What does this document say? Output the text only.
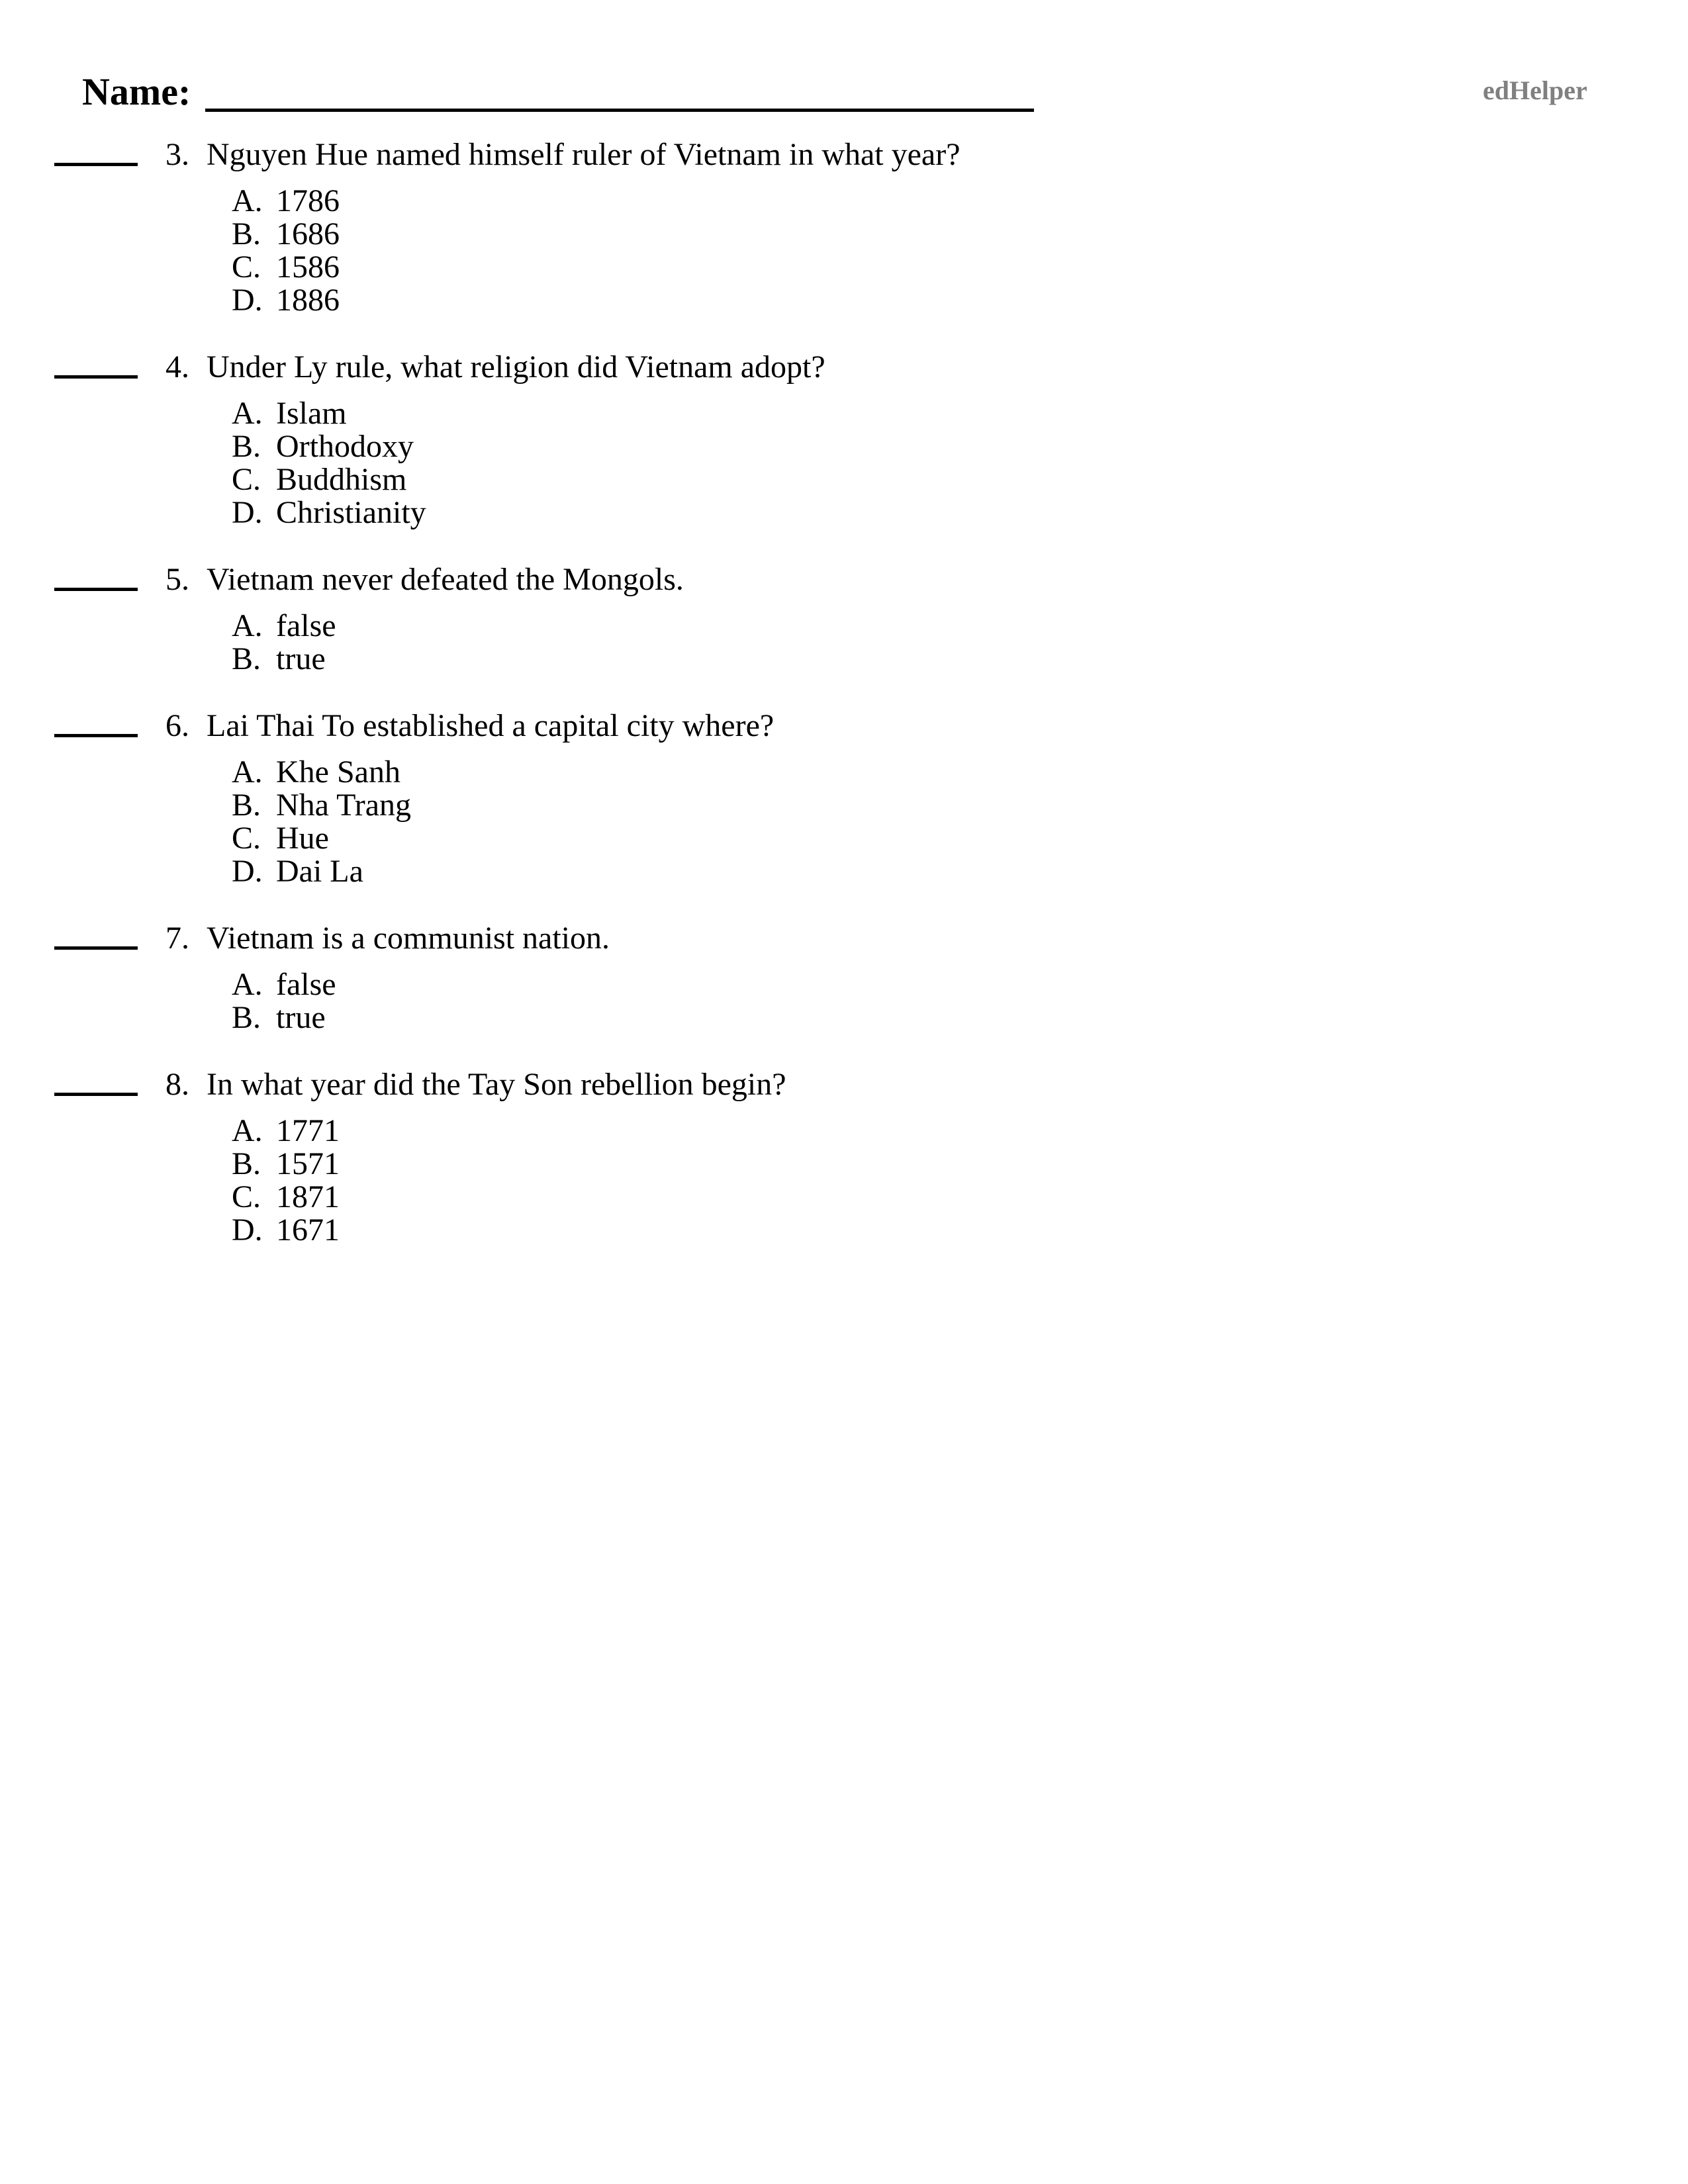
Name:	edHelper
3. Nguyen Hue named himself ruler of Vietnam in what year?
A. 1786
B. 1686
C. 1586
D. 1886
4. Under Ly rule, what religion did Vietnam adopt?
A. Islam
B. Orthodoxy
C. Buddhism
D. Christianity
5. Vietnam never defeated the Mongols.
A. false
B. true
6. Lai Thai To established a capital city where?
A. Khe Sanh
B. Nha Trang
C. Hue
D. Dai La
7. Vietnam is a communist nation.
A. false
B. true
8. In what year did the Tay Son rebellion begin?
A. 1771
B. 1571
C. 1871
D. 1671
